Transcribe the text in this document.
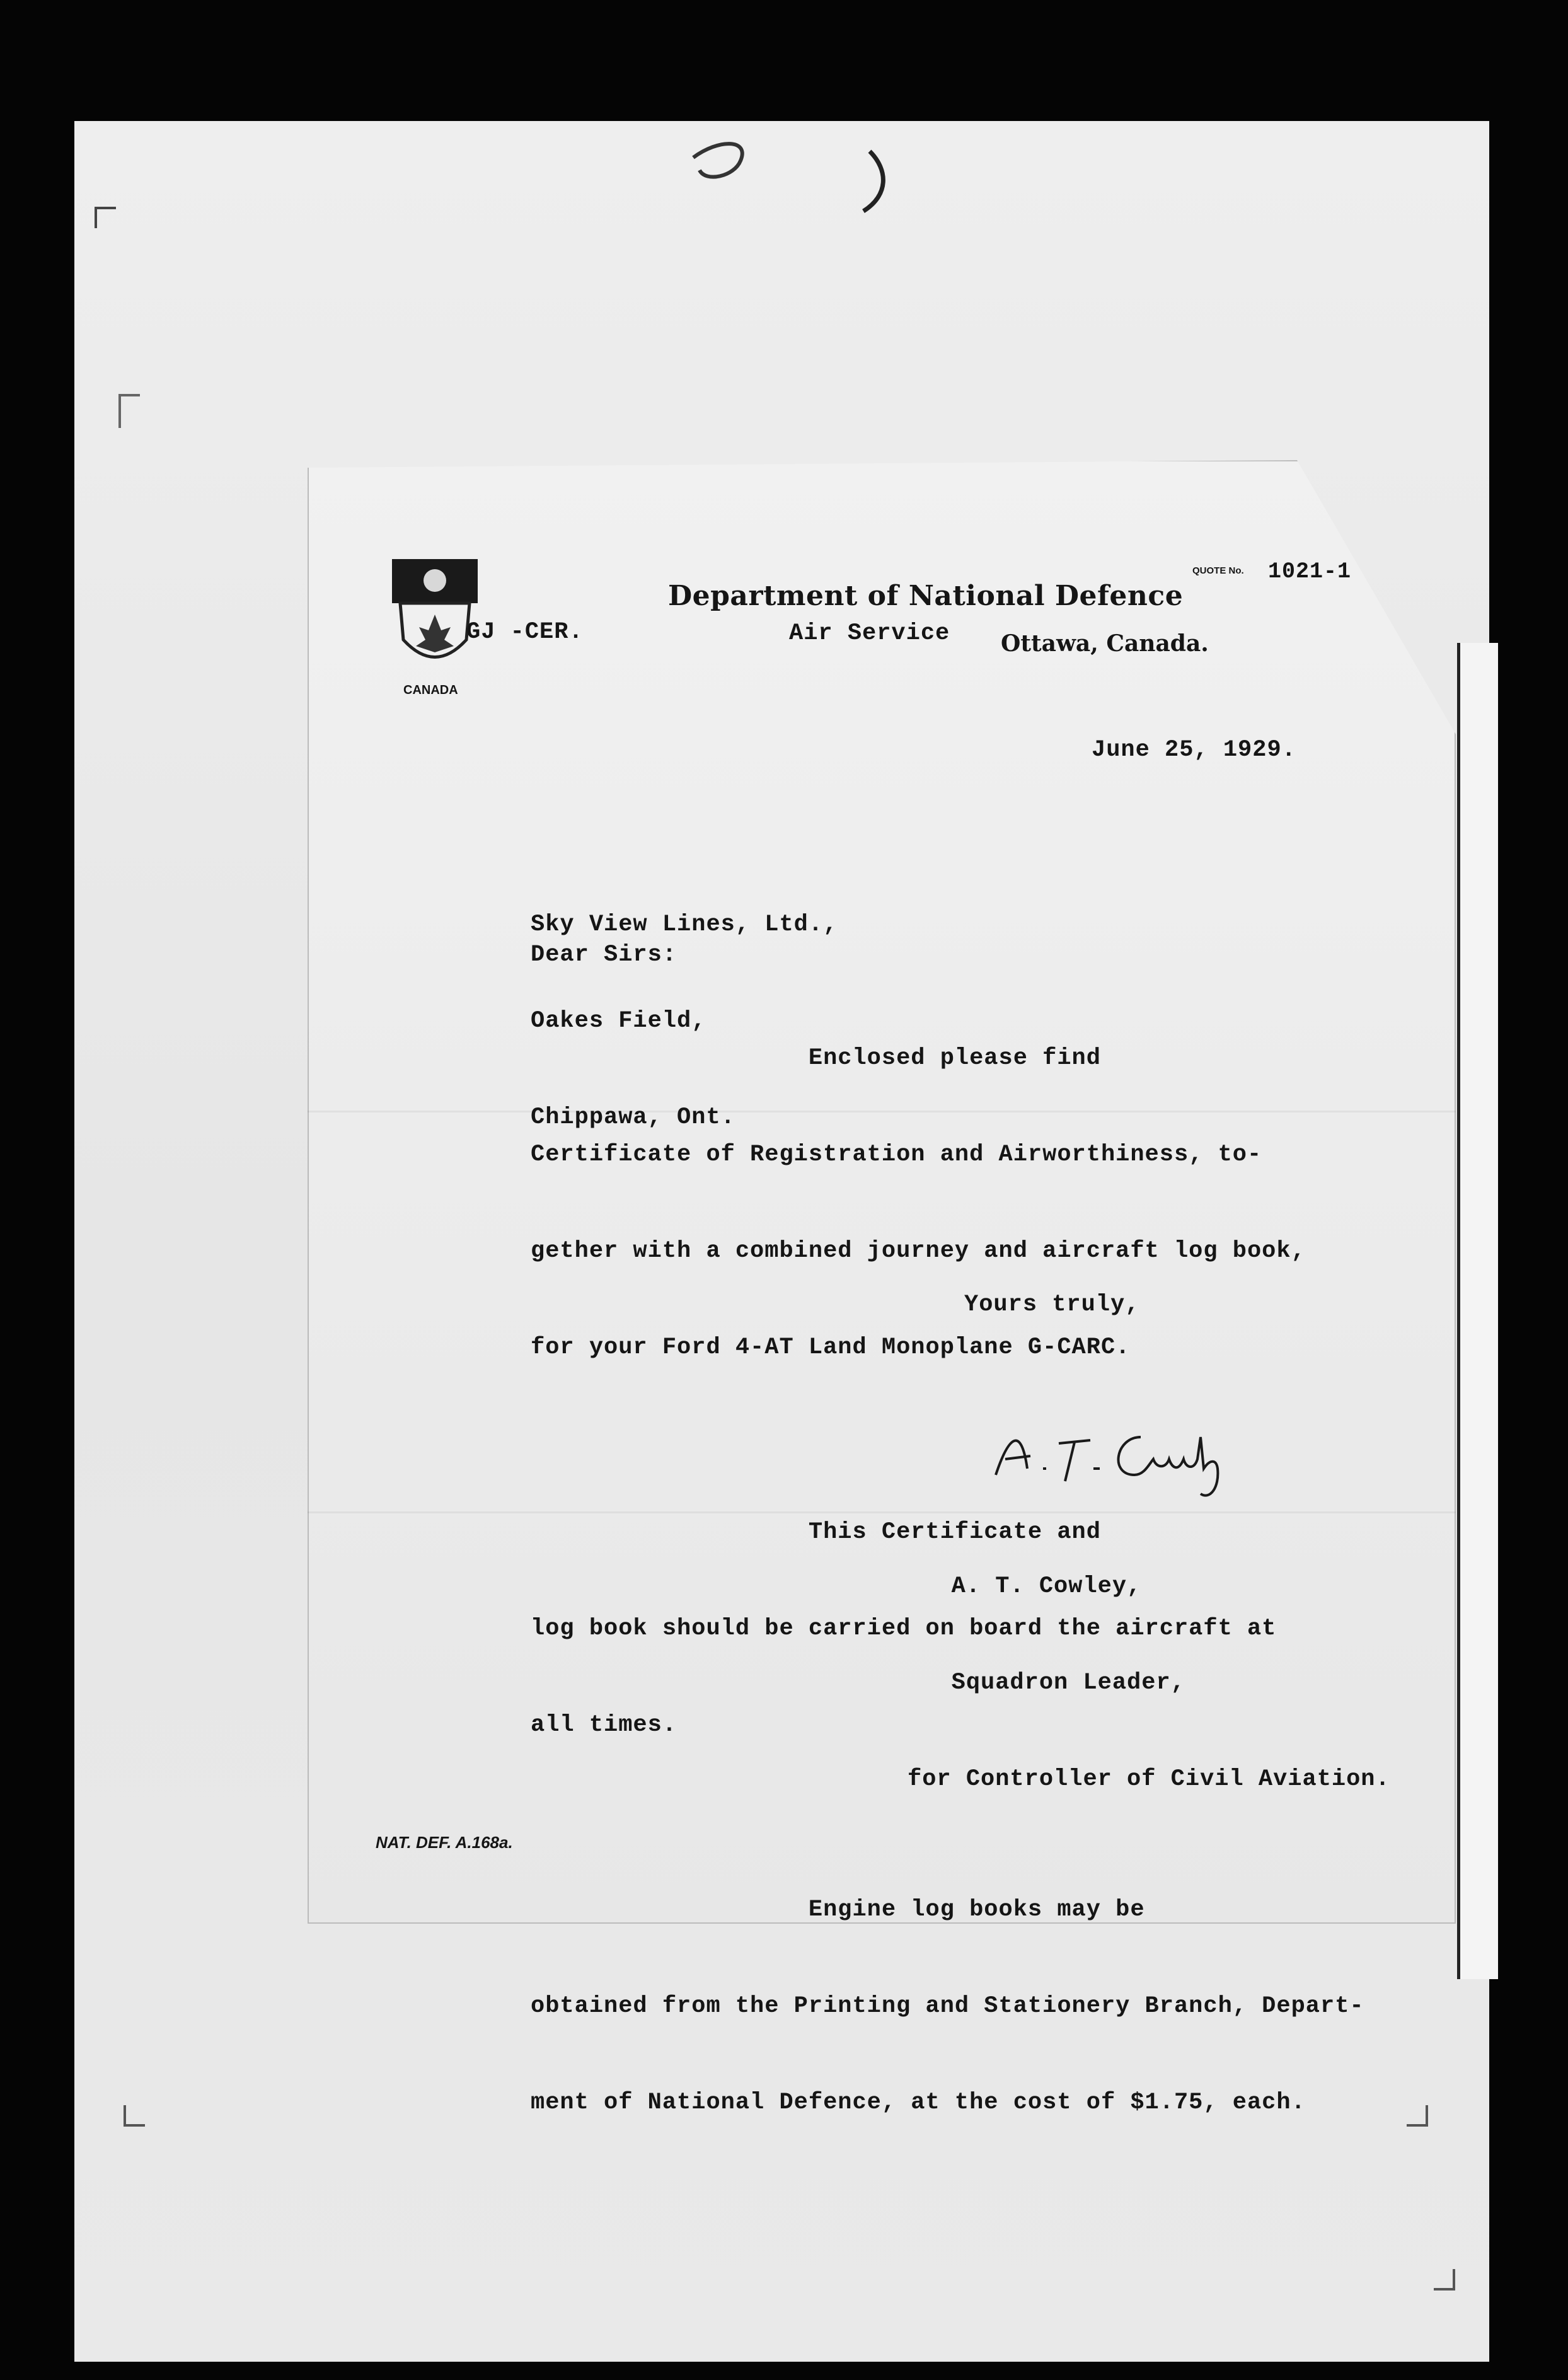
CANADA
GJ -CER.
Department of National Defence
Air Service Ottawa, Canada.
QUOTE No. 1021-1
June 25, 1929.

Sky View Lines, Ltd.,

Oakes Field,

Chippawa, Ont.

Dear Sirs:

Enclosed please find

Certificate of Registration and Airworthiness, to-

gether with a combined journey and aircraft log book,

for your Ford 4-AT Land Monoplane G-CARC.

This Certificate and

log book should be carried on board the aircraft at

all times.

Engine log books may be

obtained from the Printing and Stationery Branch, Depart-

ment of National Defence, at the cost of $1.75, each.

Yours truly,

A. T. Cowley,

Squadron Leader,

for Controller of Civil Aviation.

NAT. DEF. A.168a.
